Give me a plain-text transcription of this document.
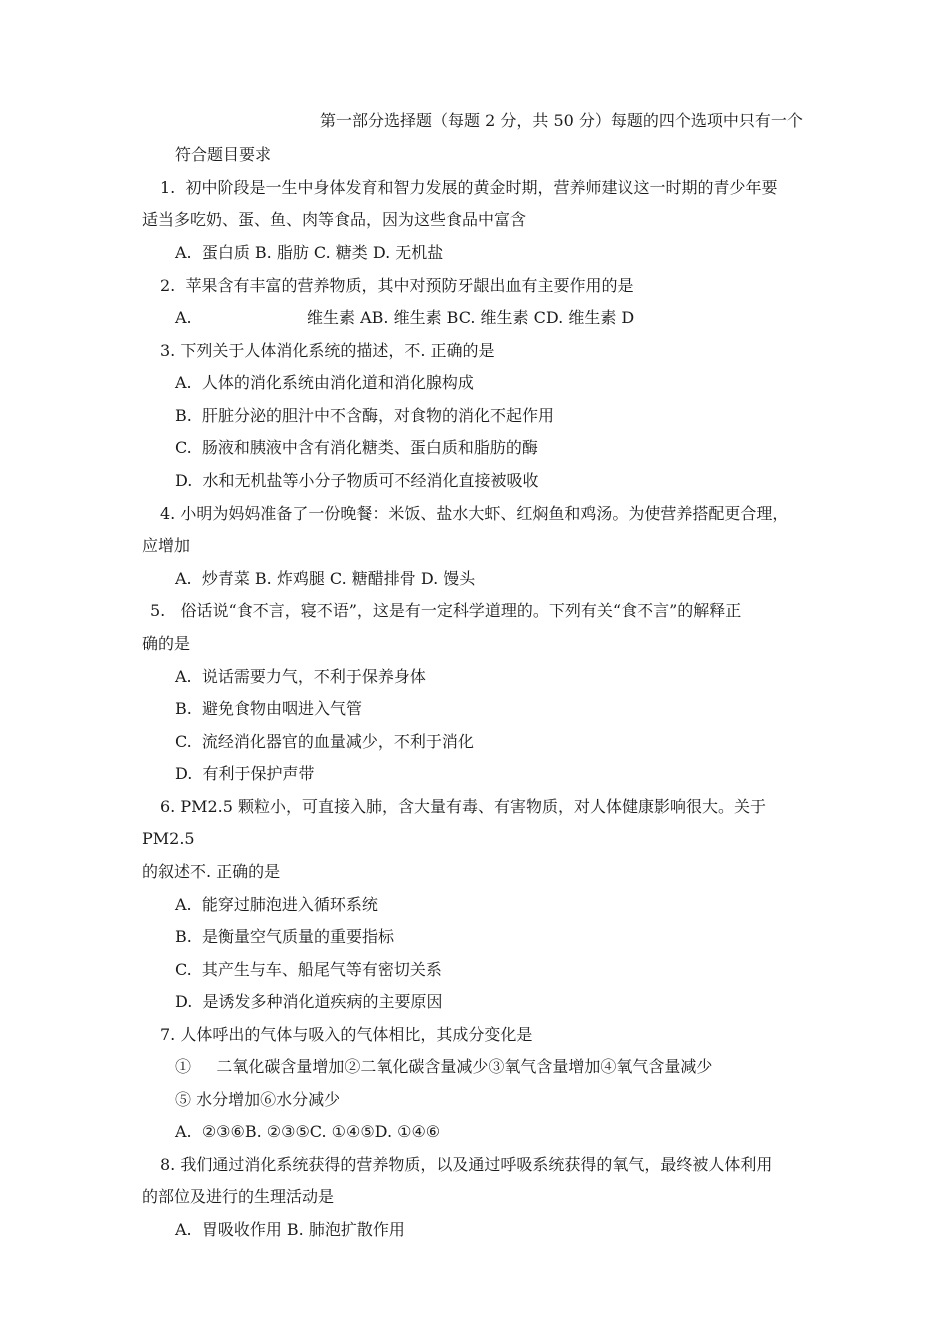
第一部分选择题（每题 2 分，共 50 分）每题的四个选项中只有一个
符合题目要求
1.  初中阶段是一生中身体发育和智力发展的黄金时期，营养师建议这一时期的青少年要
适当多吃奶、蛋、鱼、肉等食品，因为这些食品中富含
A.  蛋白质 B. 脂肪 C. 糖类 D. 无机盐
2.  苹果含有丰富的营养物质，其中对预防牙龈出血有主要作用的是
A.	维生素 AB. 维生素 BC. 维生素 CD. 维生素 D
3. 下列关于人体消化系统的描述，不. 正确的是
A.  人体的消化系统由消化道和消化腺构成
B.  肝脏分泌的胆汁中不含酶，对食物的消化不起作用
C.  肠液和胰液中含有消化糖类、蛋白质和脂肪的酶
D.  水和无机盐等小分子物质可不经消化直接被吸收
4. 小明为妈妈准备了一份晚餐：米饭、盐水大虾、红焖鱼和鸡汤。为使营养搭配更合理，
应增加
A.  炒青菜 B. 炸鸡腿 C. 糖醋排骨 D. 馒头
5.   俗话说“食不言，寝不语”，这是有一定科学道理的。下列有关“食不言”的解释正
确的是
A.  说话需要力气，不利于保养身体
B.  避免食物由咽进入气管
C.  流经消化器官的血量减少，不利于消化
D.  有利于保护声带
6. PM2.5 颗粒小，可直接入肺，含大量有毒、有害物质，对人体健康影响很大。关于
PM2.5
的叙述不. 正确的是
A.  能穿过肺泡进入循环系统
B.  是衡量空气质量的重要指标
C.  其产生与车、船尾气等有密切关系
D.  是诱发多种消化道疾病的主要原因
7. 人体呼出的气体与吸入的气体相比，其成分变化是
①     二氧化碳含量增加②二氧化碳含量减少③氧气含量增加④氧气含量减少
⑤ 水分增加⑥水分减少
A.  ②③⑥B. ②③⑤C. ①④⑤D. ①④⑥
8. 我们通过消化系统获得的营养物质，以及通过呼吸系统获得的氧气，最终被人体利用
的部位及进行的生理活动是
A.  胃吸收作用 B. 肺泡扩散作用
